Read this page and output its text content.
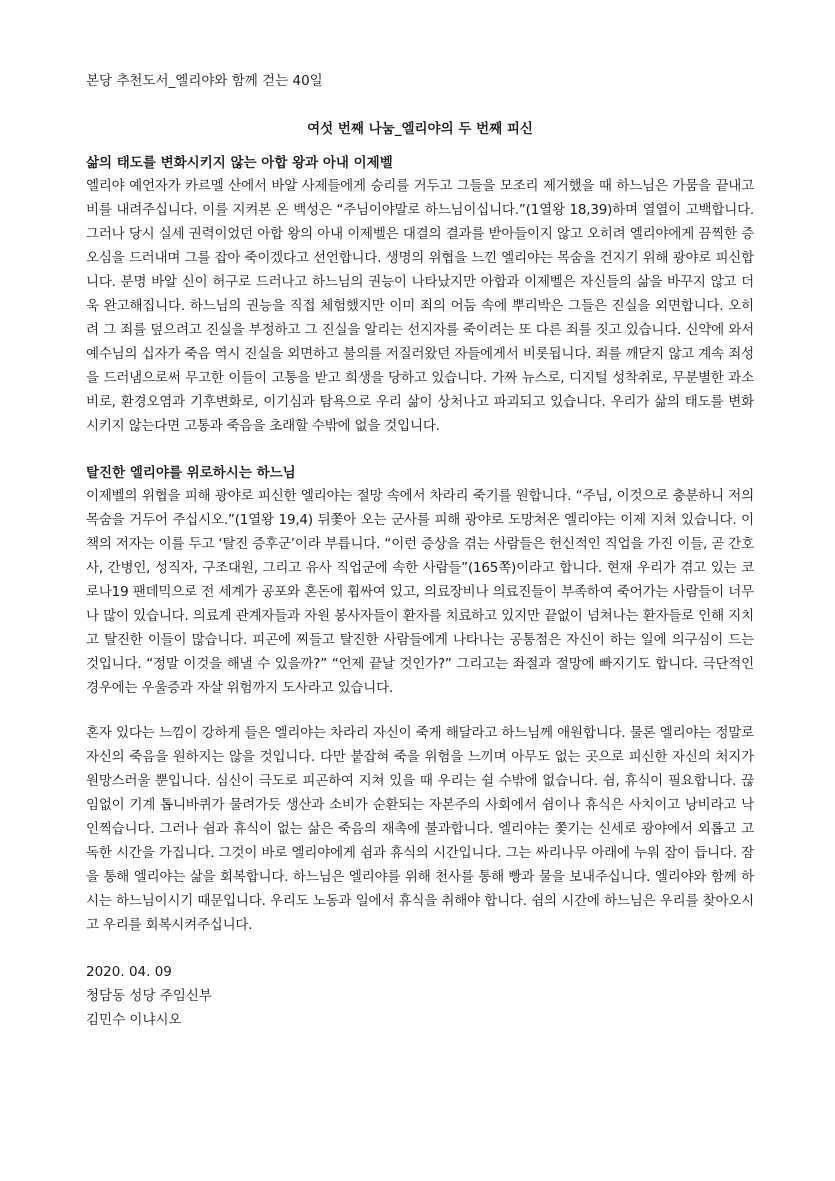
본당 추천도서_엘리야와 함께 걷는 40일
여섯 번째 나눔_엘리야의 두 번째 피신

삶의 태도를 변화시키지 않는 아합 왕과 아내 이제벨

엘리야 예언자가 카르멜 산에서 바알 사제들에게 승리를 거두고 그들을 모조리 제거했을 때 하느님은 가뭄을 끝내고 비를 내려주십니다. 이를 지켜본 온 백성은 “주님이야말로 하느님이십니다.”(1열왕 18,39)하며 열열이 고백합니다. 그러나 당시 실세 권력이었던 아합 왕의 아내 이제벨은 대결의 결과를 받아들이지 않고 오히려 엘리야에게 끔찍한 증오심을 드러내며 그를 잡아 죽이겠다고 선언합니다. 생명의 위협을 느낀 엘리야는 목숨을 건지기 위해 광야로 피신합니다. 분명 바알 신이 허구로 드러나고 하느님의 권능이 나타났지만 아합과 이제벨은 자신들의 삶을 바꾸지 않고 더욱 완고해집니다. 하느님의 권능을 직접 체험했지만 이미 죄의 어둠 속에 뿌리박은 그들은 진실을 외면합니다. 오히려 그 죄를 덮으려고 진실을 부정하고 그 진실을 알리는 선지자를 죽이려는 또 다른 죄를 짓고 있습니다. 신약에 와서 예수님의 십자가 죽음 역시 진실을 외면하고 불의를 저질러왔던 자들에게서 비롯됩니다. 죄를 깨닫지 않고 계속 죄성을 드러냄으로써 무고한 이들이 고통을 받고 희생을 당하고 있습니다. 가짜 뉴스로, 디지털 성착취로, 무분별한 과소비로, 환경오염과 기후변화로, 이기심과 탐욕으로 우리 삶이 상처나고 파괴되고 있습니다. 우리가 삶의 태도를 변화시키지 않는다면 고통과 죽음을 초래할 수밖에 없을 것입니다.

탈진한 엘리야를 위로하시는 하느님

이제벨의 위협을 피해 광야로 피신한 엘리야는 절망 속에서 차라리 죽기를 원합니다. “주님, 이것으로 충분하니 저의 목숨을 거두어 주십시오.”(1열왕 19,4) 뒤쫓아 오는 군사를 피해 광야로 도망쳐온 엘리야는 이제 지쳐 있습니다. 이 책의 저자는 이를 두고 ‘탈진 증후군’이라 부릅니다. “이런 증상을 겪는 사람들은 헌신적인 직업을 가진 이들, 곧 간호사, 간병인, 성직자, 구조대원, 그리고 유사 직업군에 속한 사람들”(165쪽)이라고 합니다. 현재 우리가 겪고 있는 코로나19 팬데믹으로 전 세계가 공포와 혼돈에 휩싸여 있고, 의료장비나 의료진들이 부족하여 죽어가는 사람들이 너무나 많이 있습니다. 의료계 관계자들과 자원 봉사자들이 환자를 치료하고 있지만 끝없이 넘쳐나는 환자들로 인해 지치고 탈진한 이들이 많습니다. 피곤에 찌들고 탈진한 사람들에게 나타나는 공통점은 자신이 하는 일에 의구심이 드는 것입니다. “정말 이것을 해낼 수 있을까?” “언제 끝날 것인가?” 그리고는 좌절과 절망에 빠지기도 합니다. 극단적인 경우에는 우울증과 자살 위험까지 도사라고 있습니다.

혼자 있다는 느낌이 강하게 들은 엘리야는 차라리 자신이 죽게 해달라고 하느님께 애원합니다. 물론 엘리야는 정말로 자신의 죽음을 원하지는 않을 것입니다. 다만 붙잡혀 죽을 위험을 느끼며 아무도 없는 곳으로 피신한 자신의 처지가 원망스러울 뿐입니다. 심신이 극도로 피곤하여 지쳐 있을 때 우리는 쉴 수밖에 없습니다. 쉼, 휴식이 필요합니다. 끊임없이 기계 톱니바퀴가 물려가듯 생산과 소비가 순환되는 자본주의 사회에서 쉼이나 휴식은 사치이고 낭비라고 낙인찍습니다. 그러나 쉼과 휴식이 없는 삶은 죽음의 재촉에 불과합니다. 엘리야는 쫓기는 신세로 광야에서 외롭고 고독한 시간을 가집니다. 그것이 바로 엘리야에게 쉼과 휴식의 시간입니다. 그는 싸리나무 아래에 누워 잠이 듭니다. 잠을 통해 엘리야는 삶을 회복합니다. 하느님은 엘리야를 위해 천사를 통해 빵과 물을 보내주십니다. 엘리야와 함께 하시는 하느님이시기 때문입니다. 우리도 노동과 일에서 휴식을 취해야 합니다. 쉼의 시간에 하느님은 우리를 찾아오시고 우리를 회복시켜주십니다.

2020. 04. 09
청담동 성당 주임신부
김민수 이냐시오
